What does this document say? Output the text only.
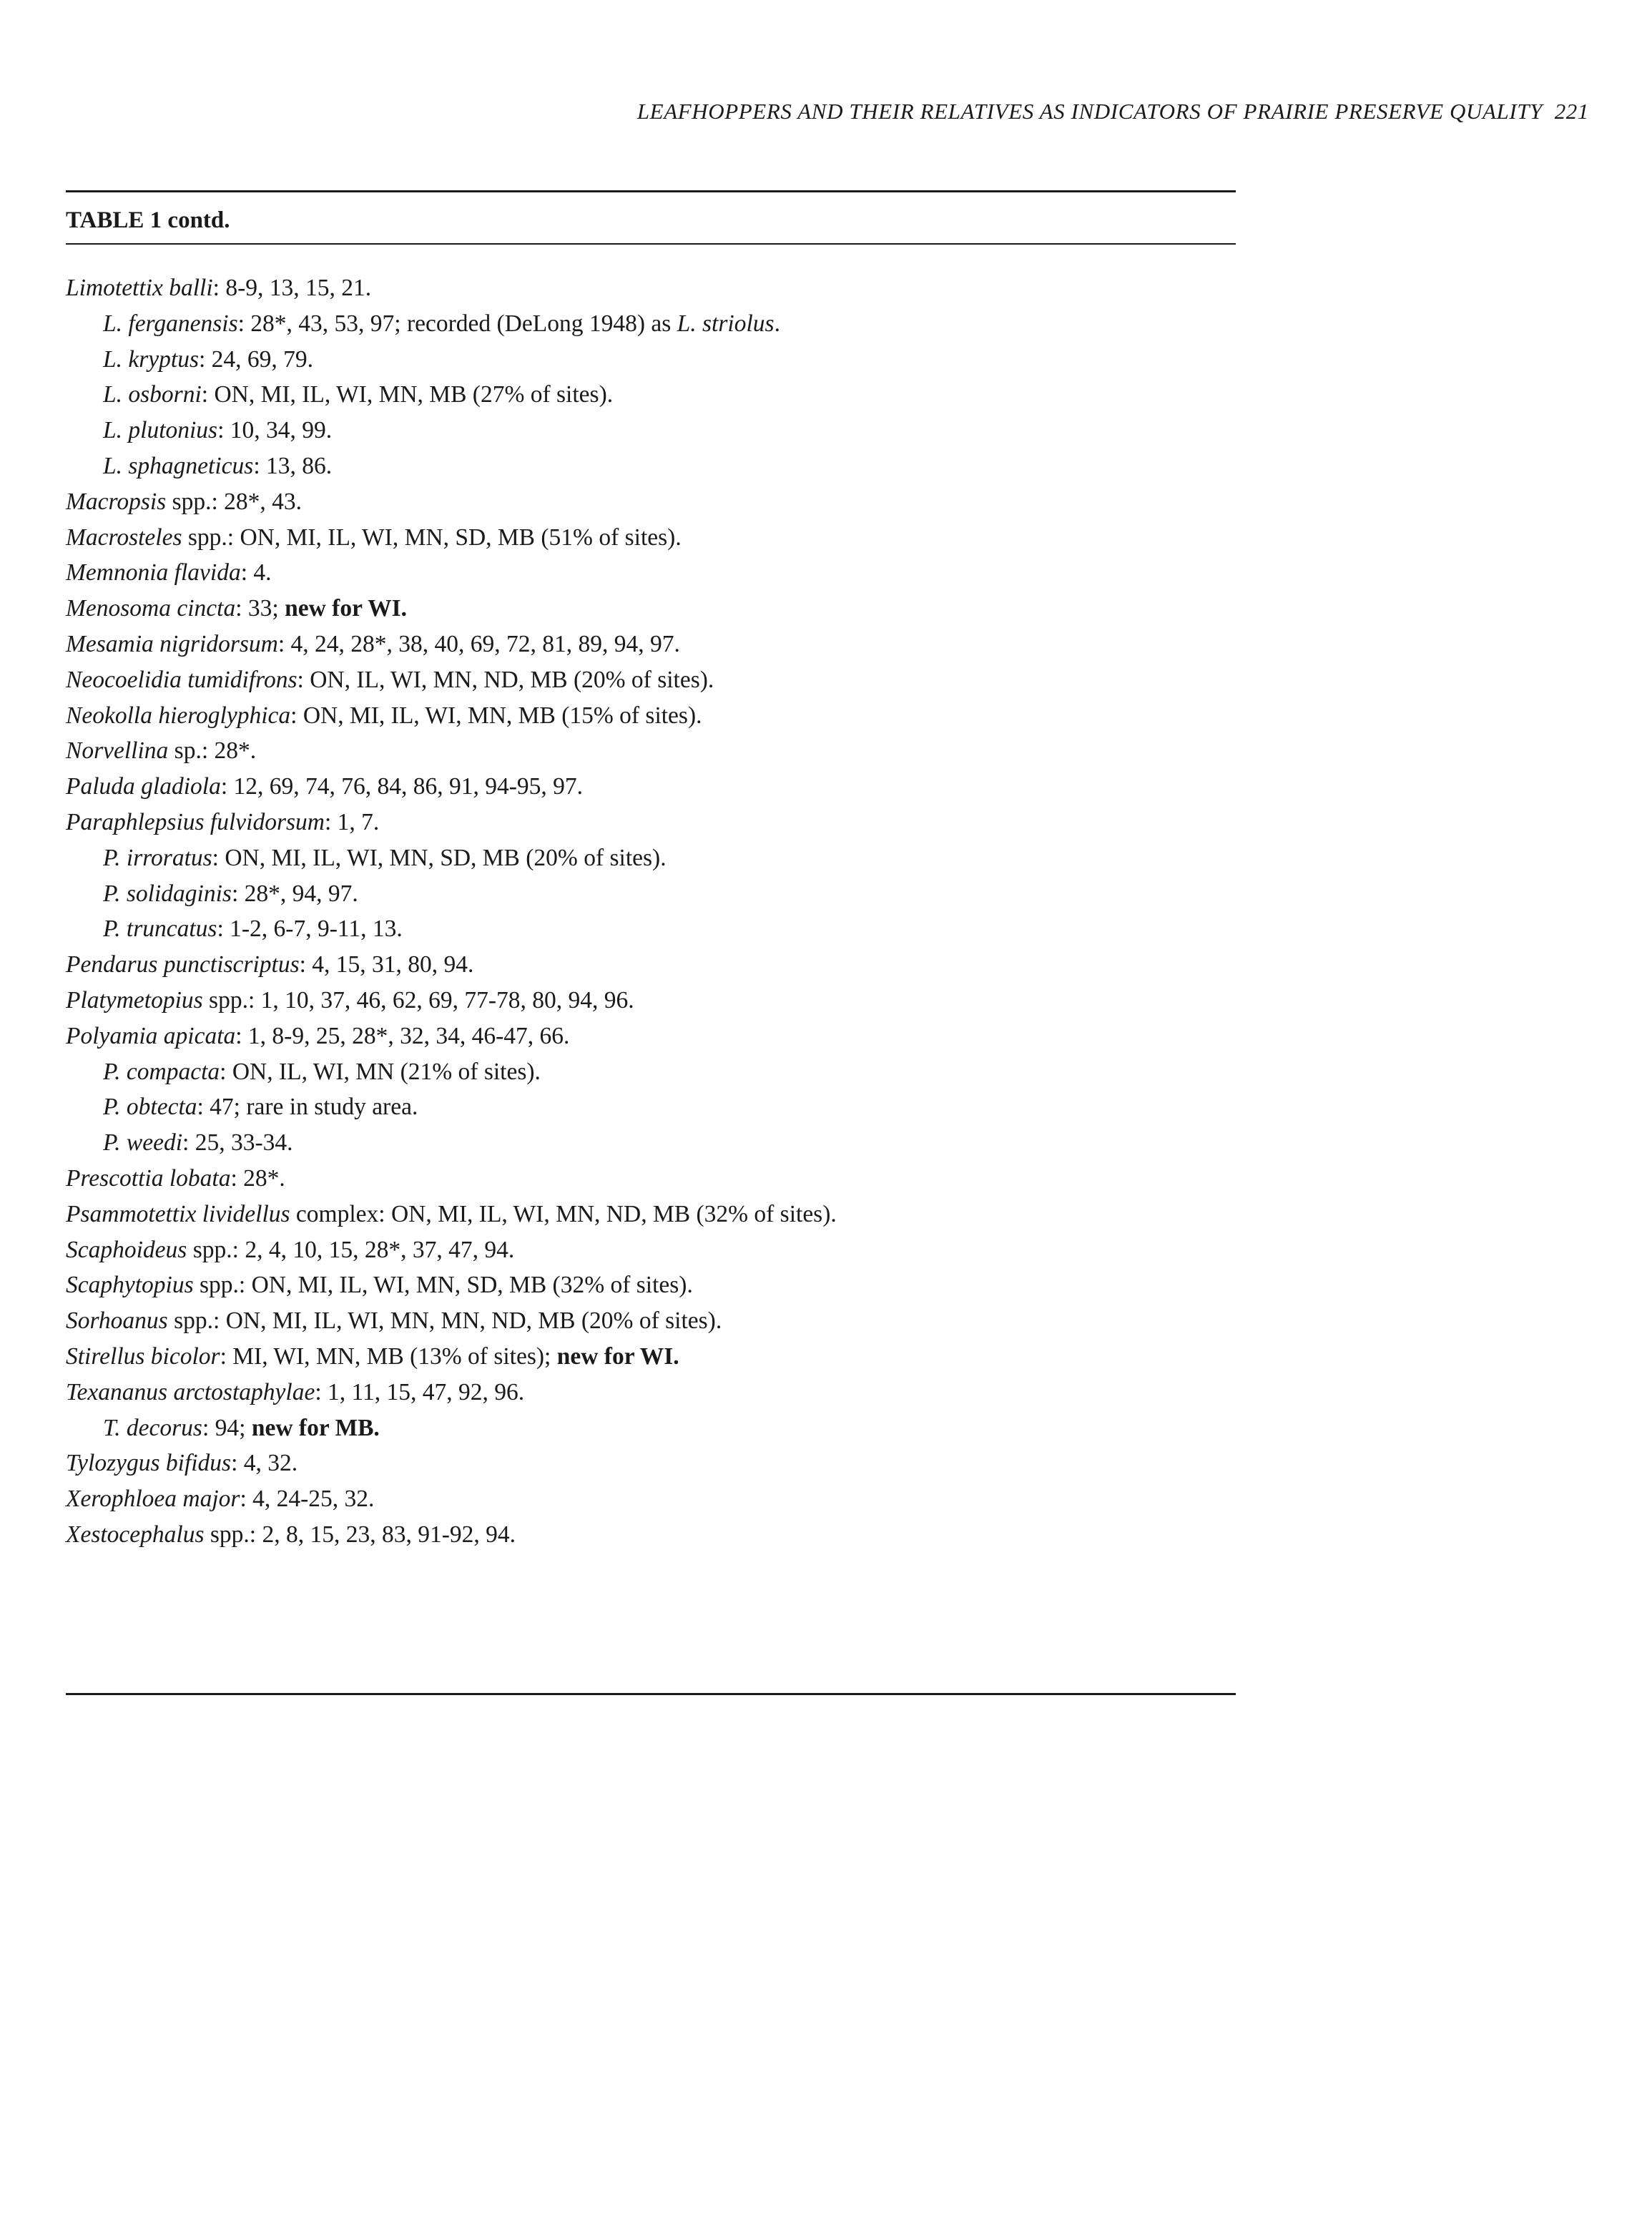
LEAFHOPPERS AND THEIR RELATIVES AS INDICATORS OF PRAIRIE PRESERVE QUALITY 221
TABLE 1 contd.
Limotettix balli: 8-9, 13, 15, 21.
L. ferganensis: 28*, 43, 53, 97; recorded (DeLong 1948) as L. striolus.
L. kryptus: 24, 69, 79.
L. osborni: ON, MI, IL, WI, MN, MB (27% of sites).
L. plutonius: 10, 34, 99.
L. sphagneticus: 13, 86.
Macropsis spp.: 28*, 43.
Macrosteles spp.: ON, MI, IL, WI, MN, SD, MB (51% of sites).
Memnonia flavida: 4.
Menosoma cincta: 33; new for WI.
Mesamia nigridorsum: 4, 24, 28*, 38, 40, 69, 72, 81, 89, 94, 97.
Neocoelidia tumidifrons: ON, IL, WI, MN, ND, MB (20% of sites).
Neokolla hieroglyphica: ON, MI, IL, WI, MN, MB (15% of sites).
Norvellina sp.: 28*.
Paluda gladiola: 12, 69, 74, 76, 84, 86, 91, 94-95, 97.
Paraphlepsius fulvidorsum: 1, 7.
P. irroratus: ON, MI, IL, WI, MN, SD, MB (20% of sites).
P. solidaginis: 28*, 94, 97.
P. truncatus: 1-2, 6-7, 9-11, 13.
Pendarus punctiscriptus: 4, 15, 31, 80, 94.
Platymetopius spp.: 1, 10, 37, 46, 62, 69, 77-78, 80, 94, 96.
Polyamia apicata: 1, 8-9, 25, 28*, 32, 34, 46-47, 66.
P. compacta: ON, IL, WI, MN (21% of sites).
P. obtecta: 47; rare in study area.
P. weedi: 25, 33-34.
Prescottia lobata: 28*.
Psammotettix lividellus complex: ON, MI, IL, WI, MN, ND, MB (32% of sites).
Scaphoideus spp.: 2, 4, 10, 15, 28*, 37, 47, 94.
Scaphytopius spp.: ON, MI, IL, WI, MN, SD, MB (32% of sites).
Sorhoanus spp.: ON, MI, IL, WI, MN, MN, ND, MB (20% of sites).
Stirellus bicolor: MI, WI, MN, MB (13% of sites); new for WI.
Texananus arctostaphylae: 1, 11, 15, 47, 92, 96.
T. decorus: 94; new for MB.
Tylozygus bifidus: 4, 32.
Xerophloea major: 4, 24-25, 32.
Xestocephalus spp.: 2, 8, 15, 23, 83, 91-92, 94.
